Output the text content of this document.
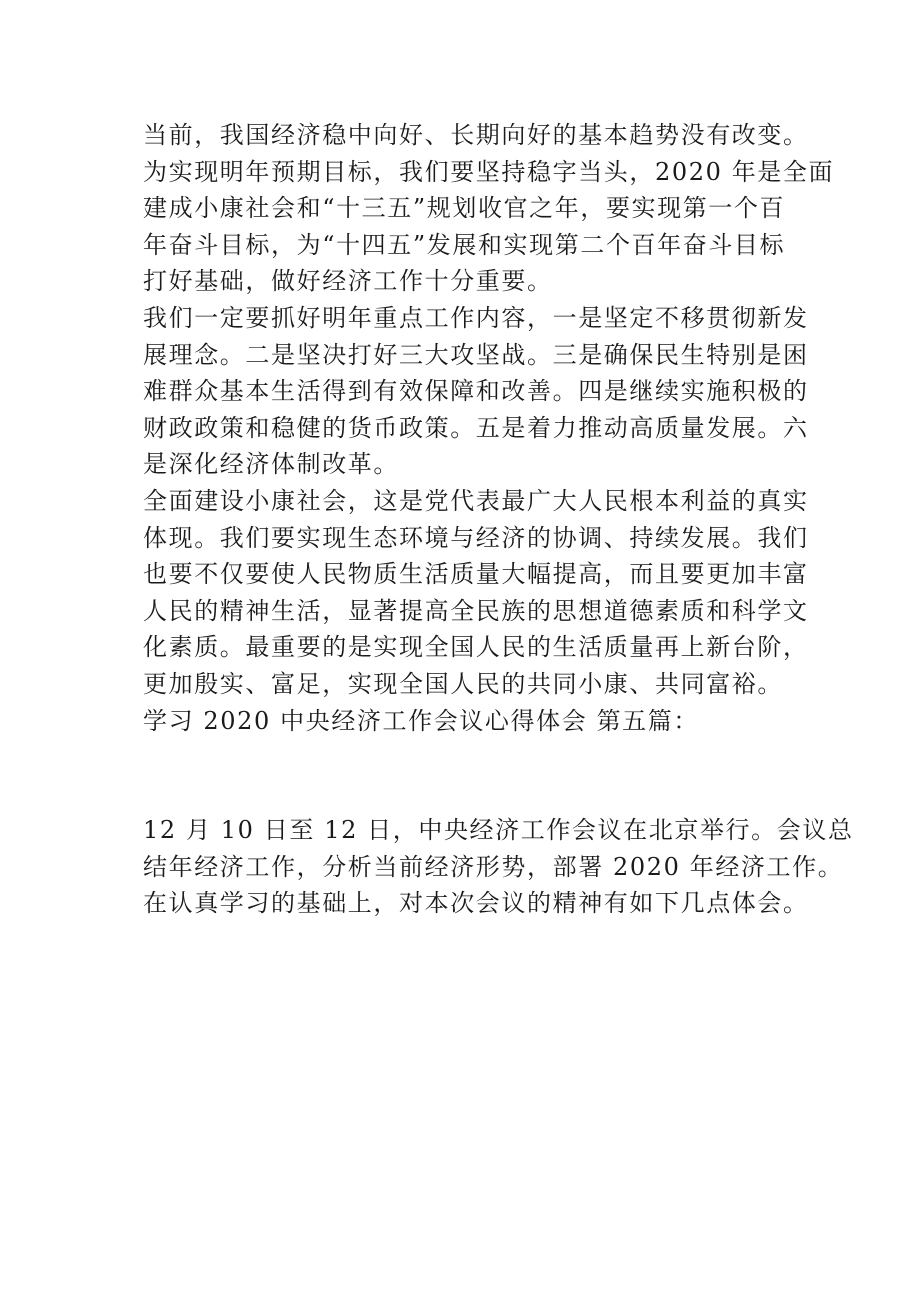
当前，我国经济稳中向好、长期向好的基本趋势没有改变。
为实现明年预期目标，我们要坚持稳字当头，2020 年是全面
建成小康社会和“十三五”规划收官之年，要实现第一个百
年奋斗目标，为“十四五”发展和实现第二个百年奋斗目标
打好基础，做好经济工作十分重要。
我们一定要抓好明年重点工作内容，一是坚定不移贯彻新发
展理念。二是坚决打好三大攻坚战。三是确保民生特别是困
难群众基本生活得到有效保障和改善。四是继续实施积极的
财政政策和稳健的货币政策。五是着力推动高质量发展。六
是深化经济体制改革。
全面建设小康社会，这是党代表最广大人民根本利益的真实
体现。我们要实现生态环境与经济的协调、持续发展。我们
也要不仅要使人民物质生活质量大幅提高，而且要更加丰富
人民的精神生活，显著提高全民族的思想道德素质和科学文
化素质。最重要的是实现全国人民的生活质量再上新台阶，
更加殷实、富足，实现全国人民的共同小康、共同富裕。
学习 2020 中央经济工作会议心得体会 第五篇：
12 月 10 日至 12 日，中央经济工作会议在北京举行。会议总
结年经济工作，分析当前经济形势，部署 2020 年经济工作。
在认真学习的基础上，对本次会议的精神有如下几点体会。
